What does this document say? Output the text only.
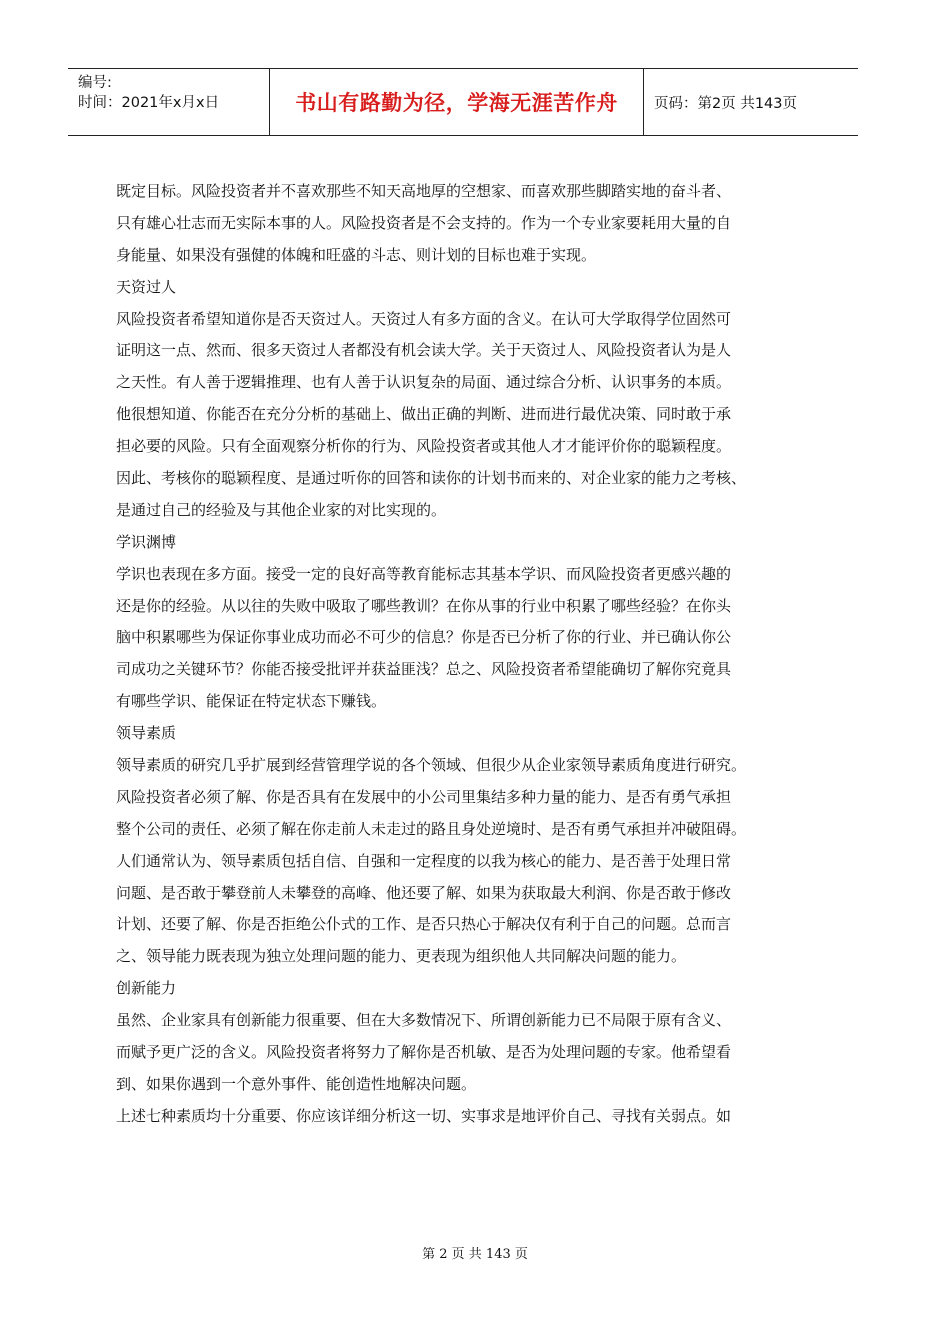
编号:
时间：2021年x月x日	书山有路勤为径，学海无涯苦作舟	页码：第2页 共143页
既定目标。风险投资者并不喜欢那些不知天高地厚的空想家、而喜欢那些脚踏实地的奋斗者、
只有雄心壮志而无实际本事的人。风险投资者是不会支持的。作为一个专业家要耗用大量的自
身能量、如果没有强健的体魄和旺盛的斗志、则计划的目标也难于实现。
天资过人
风险投资者希望知道你是否天资过人。天资过人有多方面的含义。在认可大学取得学位固然可
证明这一点、然而、很多天资过人者都没有机会读大学。关于天资过人、风险投资者认为是人
之天性。有人善于逻辑推理、也有人善于认识复杂的局面、通过综合分析、认识事务的本质。
他很想知道、你能否在充分分析的基础上、做出正确的判断、进而进行最优决策、同时敢于承
担必要的风险。只有全面观察分析你的行为、风险投资者或其他人才才能评价你的聪颖程度。
因此、考核你的聪颖程度、是通过听你的回答和读你的计划书而来的、对企业家的能力之考核、
是通过自己的经验及与其他企业家的对比实现的。
学识渊博
学识也表现在多方面。接受一定的良好高等教育能标志其基本学识、而风险投资者更感兴趣的
还是你的经验。从以往的失败中吸取了哪些教训？在你从事的行业中积累了哪些经验？在你头
脑中积累哪些为保证你事业成功而必不可少的信息？你是否已分析了你的行业、并已确认你公
司成功之关键环节？你能否接受批评并获益匪浅？总之、风险投资者希望能确切了解你究竟具
有哪些学识、能保证在特定状态下赚钱。
领导素质
领导素质的研究几乎扩展到经营管理学说的各个领域、但很少从企业家领导素质角度进行研究。
风险投资者必须了解、你是否具有在发展中的小公司里集结多种力量的能力、是否有勇气承担
整个公司的责任、必须了解在你走前人未走过的路且身处逆境时、是否有勇气承担并冲破阻碍。
人们通常认为、领导素质包括自信、自强和一定程度的以我为核心的能力、是否善于处理日常
问题、是否敢于攀登前人未攀登的高峰、他还要了解、如果为获取最大利润、你是否敢于修改
计划、还要了解、你是否拒绝公仆式的工作、是否只热心于解决仅有利于自己的问题。总而言
之、领导能力既表现为独立处理问题的能力、更表现为组织他人共同解决问题的能力。
创新能力
虽然、企业家具有创新能力很重要、但在大多数情况下、所谓创新能力已不局限于原有含义、
而赋予更广泛的含义。风险投资者将努力了解你是否机敏、是否为处理问题的专家。他希望看
到、如果你遇到一个意外事件、能创造性地解决问题。
上述七种素质均十分重要、你应该详细分析这一切、实事求是地评价自己、寻找有关弱点。如
第 2 页 共 143 页
